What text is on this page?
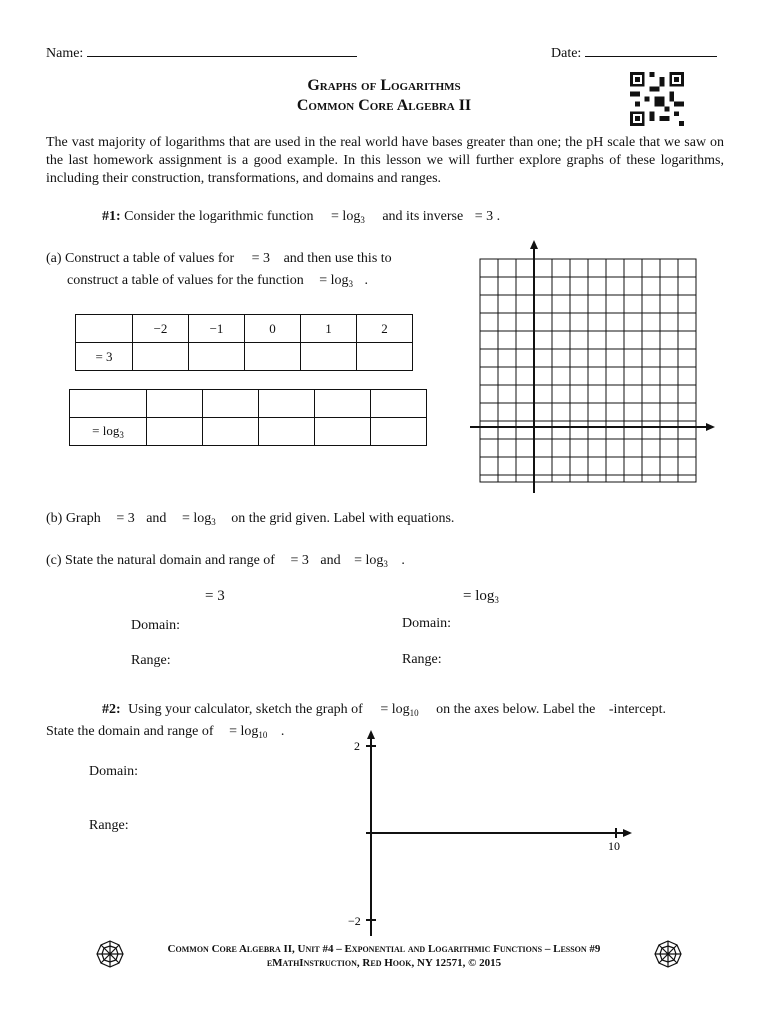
Name:	Date:
Graphs of Logarithms
Common Core Algebra II
The vast majority of logarithms that are used in the real world have bases greater than one; the pH scale that we saw on the last homework assignment is a good example. In this lesson we will further explore graphs of these logarithms, including their construction, transformations, and domains and ranges.
#1: Consider the logarithmic function = $\log_3$ and its inverse = 3 .
(a) Construct a table of values for = 3 and then use this to
construct a table of values for the function = $\log_3$ .
	−2	−1	0	1	2
= 3					

= $\log_3$					
(b) Graph = 3 and = $\log_3$ on the grid given. Label with equations.
(c) State the natural domain and range of = 3 and = $\log_3$ .
= 3	= $\log_3$
Domain:	Domain:
Range:	Range:
#2: Using your calculator, sketch the graph of = $\log_{10}$ on the axes below. Label the -intercept.
State the domain and range of = $\log_{10}$ .
Domain:
Range:
2
−2
10
Common Core Algebra II, Unit #4 – Exponential and Logarithmic Functions – Lesson #9
eMathInstruction, Red Hook, NY 12571, © 2015
